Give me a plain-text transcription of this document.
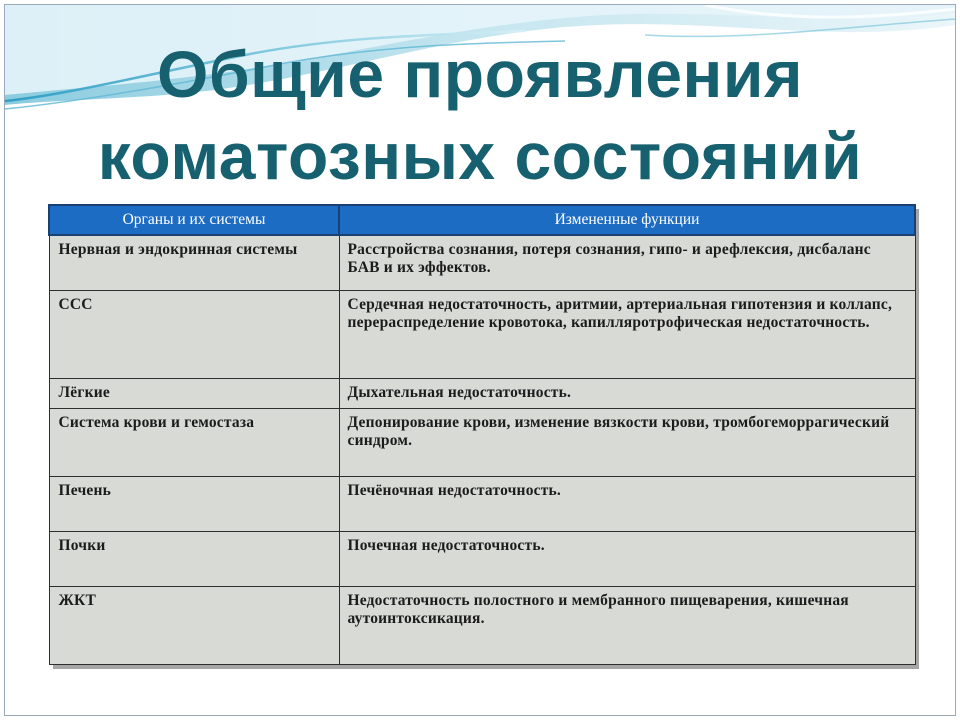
Общие проявления
коматозных состояний
Органы и их системы	Измененные функции
Нервная и эндокринная системы	Расстройства сознания, потеря сознания, гипо- и арефлексия, дисбаланс БАВ и их эффектов.
ССС	Сердечная недостаточность, аритмии, артериальная гипотензия и коллапс, перераспределение кровотока, капилляротрофическая недостаточность.
Лёгкие	Дыхательная недостаточность.
Система крови и гемостаза	Депонирование крови, изменение вязкости крови, тромбогеморрагический синдром.
Печень	Печёночная недостаточность.
Почки	Почечная недостаточность.
ЖКТ	Недостаточность полостного и мембранного пищеварения, кишечная аутоинтоксикация.
